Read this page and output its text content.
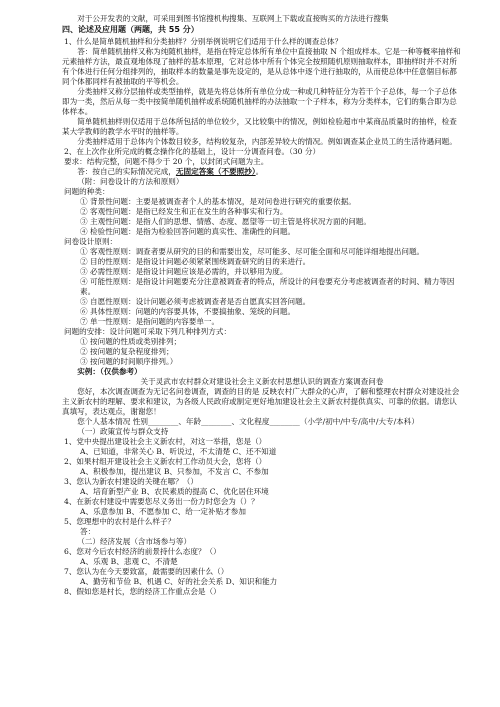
对于公开发表的文献，可采用到图书馆搜机构搜集、互联网上下载或直接购买的方法进行搜集

四、论述及应用题（两题，共 55 分）

1、什么是简单随机抽样和分类抽样？分别举例说明它们适用于什么样的调查总体？

答：简单随机抽样又称为纯随机抽样，是指在特定总体所有单位中直接抽取 N 个组成样本。它是一种等概率抽样和元素抽样方法，最直观地体现了抽样的基本原理，它对总体中所有个体完全按照随机原则抽取样本，即抽样时并不对所有个体进行任何分组排列的，抽取样本的数量是事先设定的，是从总体中逐个进行抽取的，从而使总体中任意個目标都同个体都同样有被抽取的平等机会。

分类抽样又称分层抽样或类型抽样，就是先将总体所有单位分成一种或几种特征分为若干个子总体，每一个子总体即为一类，然后从每一类中按简单随机抽样或系统随机抽样的办法抽取一个子样本，称为分类样本，它们的集合即为总体样本。

简单随机抽样则仅适用于总体所包括的单位较少，又比较集中的情况，例如检验超市中某商品质量时的抽样，检查某大学教师的教学水平时的抽样等。

分类抽样适用于总体内个体数目较多，结构较复杂，内部差异较大的情况。例如调查某企业员工的生活待遇问题。

2、在上次作业所完成的概念操作化的基础上，设计一分调查问卷。（30 分）

要求：结构完整，问题不得少于 20 个，以封闭式问题为主。

答：按自己的实际情况完成，无固定答案（不要照抄）。

（附：问卷设计的方法和原则）

问题的种类：

① 背景性问题：主要是被调查者个人的基本情况，是对问卷进行研究的重要依据。

② 客观性问题：是指已经发生和正在发生的各种事实和行为。

③ 主观性问题：是指人们的思想、情感、态度、愿望等一切主管是将状况方面的问题。

④ 检验性问题：是指为检验回答问题的真实性、准确性的问题。

问卷设计原则：

① 客观性原则：调查者要从研究的目的和需要出发，尽可能多、尽可能全面和尽可能详细地提出问题。

② 目的性原则：是指设计问题必须紧紧围绕调查研究的目的来进行。

③ 必需性原则：是指设计问题应该是必需的，并以够用为度。

④ 可能性原则：是指设计问题要充分注意被调查者的特点，所设计的问卷要充分考虑被调查者的时间、精力等因素。

⑤ 自愿性原则：设计问题必须考虑被调查者是否自愿真实回答问题。

⑥ 具体性原则：问题的内容要具体，不要搞抽象、笼统的问题。

⑦ 单一性原则：是指问题的内容要单一。

问题的安排：设计问题可采取下列几种排列方式：

① 按问题的性质或类别排列；

② 按问题的复杂程度排列；

③ 按问题的时间顺序排列。）

实例：（仅供参考）

关于灵武市农村群众对建设社会主义新农村思想认识的调查方案调查问卷

您好，本次调查调查为无记名问卷调查，调查的目的是 反映农村广大群众的心声，了解和整理农村群众对建设社会主义新农村的理解、要求和建议，为各级人民政府或制定更好地加建设社会主义新农村提供真实、可靠的依据。请您认真填写，表达观点，谢谢您！

您个人基本情况 性别________、年龄________、文化程度________（小学/初中/中专/高中/大专/本科）

（一）政策宣传与群众支持

1、党中央提出建设社会主义新农村，对这一举措，您是（）

A、已知道，非常关心 B、听说过，不太清楚 C、还不知道

2、如果村组开建设社会主义新农村工作动员大会，您将（）

A、积极参加，提出建议 B、只参加，不发言 C、不参加

3、您认为新农村建设的关键在哪？（）

A、培育新型产业 B、农民素质的提高 C、优化居住环境

4、在新农村建设中需要您尽义务出一份力时您会为（）？

A、乐意参加 B、不愿参加 C、给一定补贴才参加

5、您理想中的农村是什么样子？

答：

（二）经济发展（含市场参与等）

6、您对今后农村经济的前景持什么态度？（）

A、乐观 B、悲观 C、不清楚

7、您认为在今天要致富，最需要的因素什么（）

A、勤劳和节俭 B、机遇 C、好的社会关系 D、知识和能力

8、假如您是村长，您的经济工作重点会是（）
